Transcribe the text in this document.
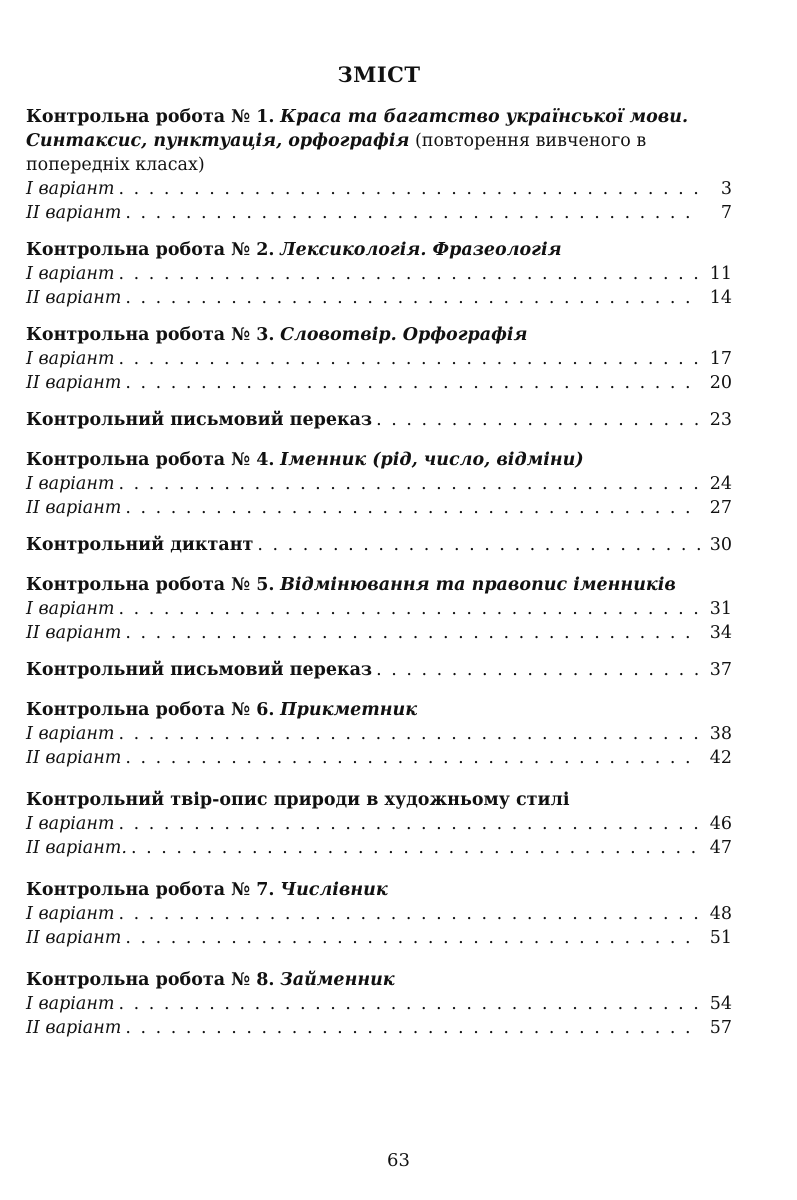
ЗМІСТ
Контрольна робота № 1. Краса та багатство української мови. Синтаксис, пунктуація, орфографія (повторення вивченого в попередніх класах)
І варіант . . .	3
ІІ варіант . . .	7
Контрольна робота № 2. Лексикологія. Фразеологія
І варіант . . .	11
ІІ варіант . . .	14
Контрольна робота № 3. Словотвір. Орфографія
І варіант . . .	17
ІІ варіант . . .	20
Контрольний письмовий переказ . . .	23
Контрольна робота № 4. Іменник (рід, число, відміни)
І варіант . . .	24
ІІ варіант . . .	27
Контрольний диктант . . .	30
Контрольна робота № 5. Відмінювання та правопис іменників
І варіант . . .	31
ІІ варіант . . .	34
Контрольний письмовий переказ . . .	37
Контрольна робота № 6. Прикметник
І варіант . . .	38
ІІ варіант . . .	42
Контрольний твір-опис природи в художньому стилі
І варіант . . .	46
ІІ варіант. . . .	47
Контрольна робота № 7. Числівник
І варіант . . .	48
ІІ варіант . . .	51
Контрольна робота № 8. Займенник
І варіант . . .	54
ІІ варіант . . .	57
63
